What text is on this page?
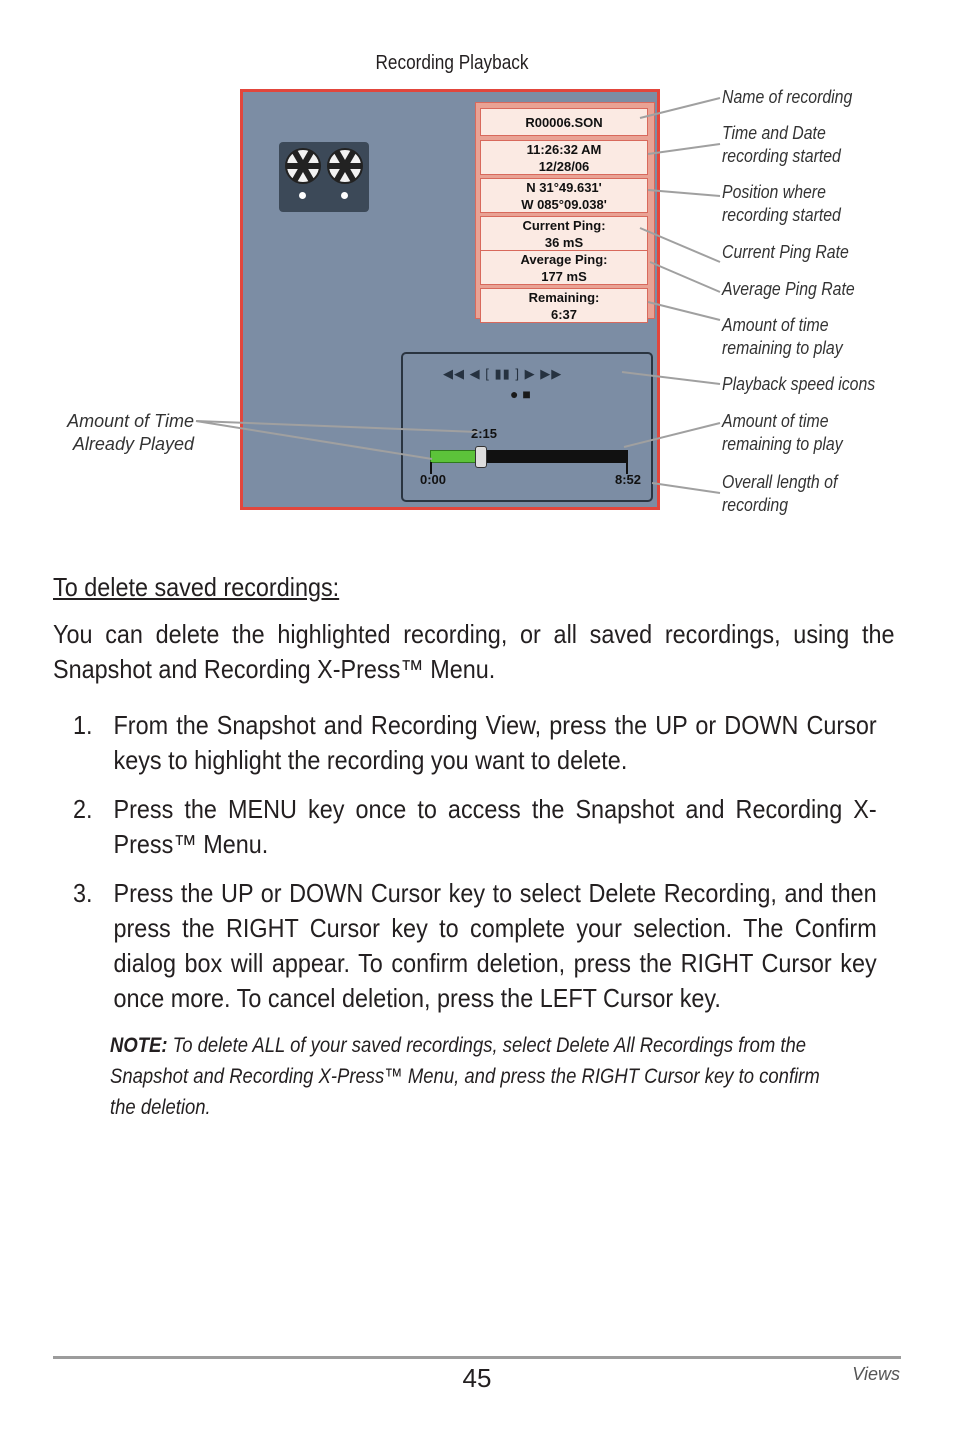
Recording Playback
R00006.SON
11:26:32 AM
12/28/06
N 31°49.631'
W 085°09.038'
Current Ping:
36 mS
Average Ping:
177 mS
Remaining:
6:37
◀◀ ◀ [ ▮▮ ] ▶ ▶▶
● ■
2:15
0:00	8:52
Name of recording
Time and Date
recording started
Position where
recording started
Current Ping Rate
Average Ping Rate
Amount of time
remaining to play
Playback speed icons
Amount of time
remaining to play
Overall length of
recording
Amount of Time
Already Played
To delete saved recordings:
You can delete the highlighted recording, or all saved recordings, using the Snapshot and Recording X-Press™ Menu.
1. From the Snapshot and Recording View, press the UP or DOWN Cursor keys to highlight the recording you want to delete.
2. Press the MENU key once to access the Snapshot and Recording X-Press™ Menu.
3. Press the UP or DOWN Cursor key to select Delete Recording, and then press the RIGHT Cursor key to complete your selection. The Confirm dialog box will appear. To confirm deletion, press the RIGHT Cursor key once more. To cancel deletion, press the LEFT Cursor key.
NOTE: To delete ALL of your saved recordings, select Delete All Recordings from the Snapshot and Recording X-Press™ Menu, and press the RIGHT Cursor key to confirm the deletion.
45	Views
